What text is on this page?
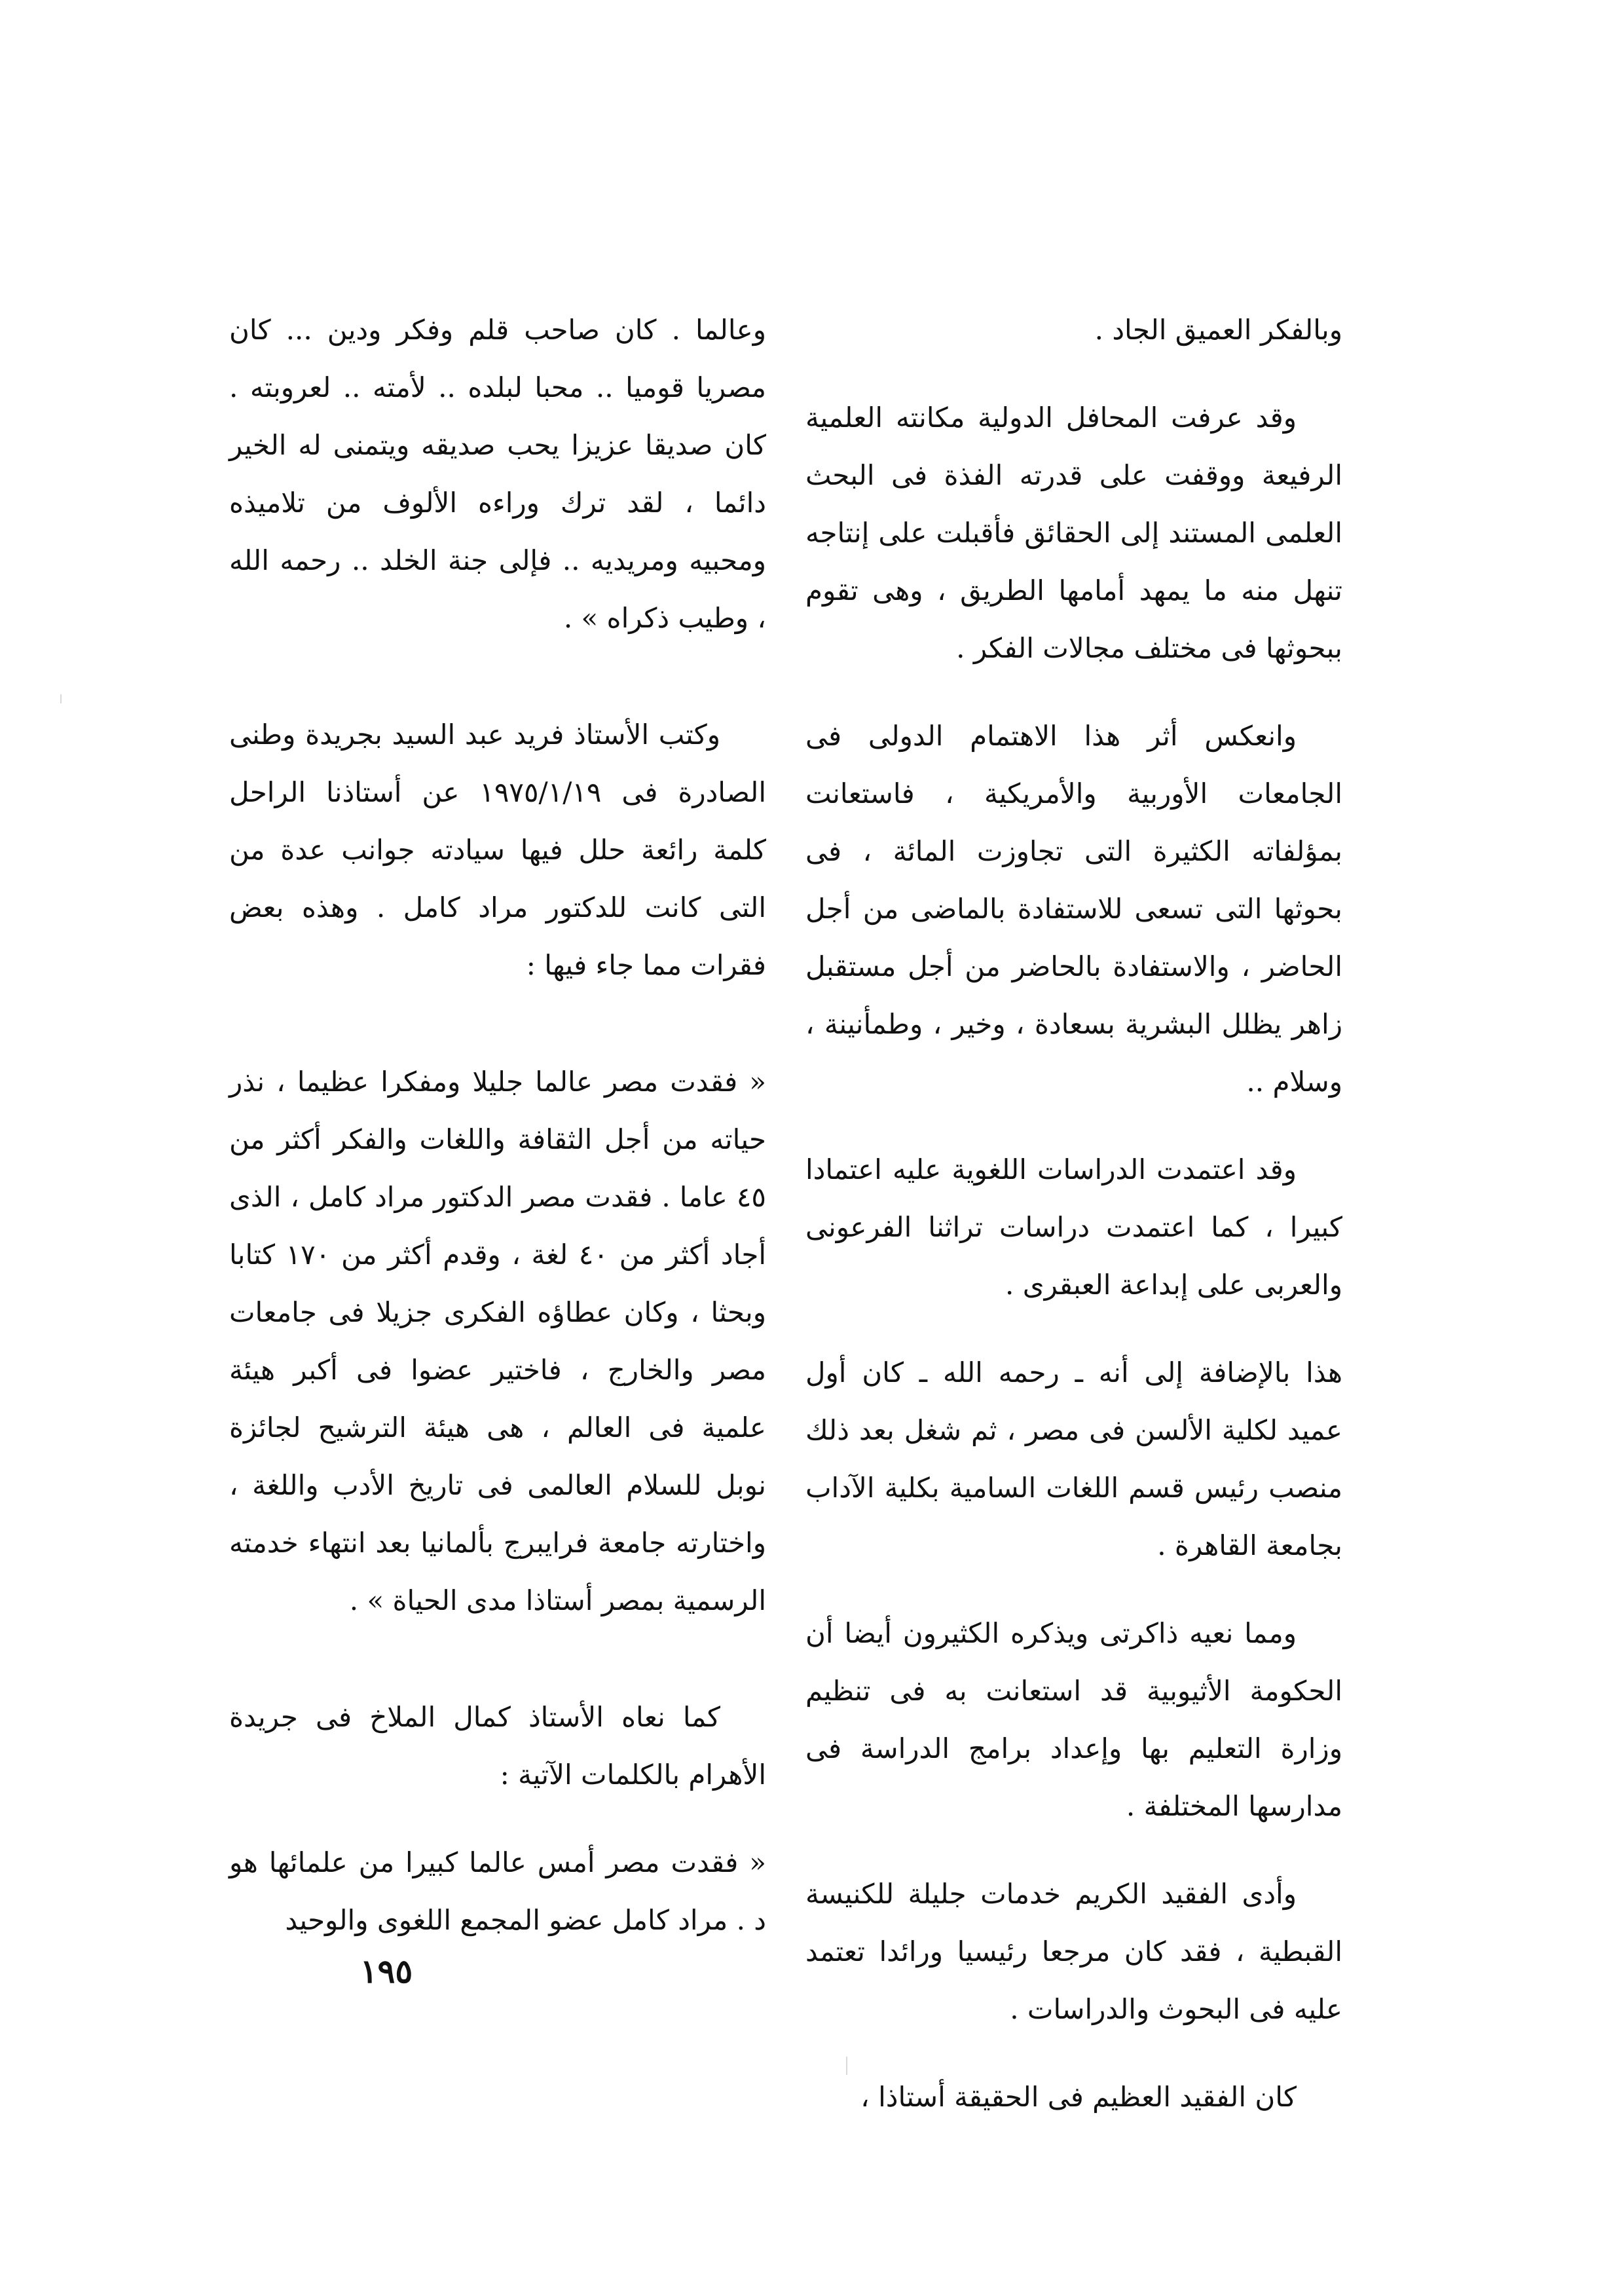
وبالفكر العميق الجاد .

وقد عرفت المحافل الدولية مكانته العلمية الرفيعة ووقفت على قدرته الفذة فى البحث العلمى المستند إلى الحقائق فأقبلت على إنتاجه تنهل منه ما يمهد أمامها الطريق ، وهى تقوم ببحوثها فى مختلف مجالات الفكر .

وانعكس أثر هذا الاهتمام الدولى فى الجامعات الأوربية والأمريكية ، فاستعانت بمؤلفاته الكثيرة التى تجاوزت المائة ، فى بحوثها التى تسعى للاستفادة بالماضى من أجل الحاضر ، والاستفادة بالحاضر من أجل مستقبل زاهر يظلل البشرية بسعادة ، وخير ، وطمأنينة ، وسلام ..

وقد اعتمدت الدراسات اللغوية عليه اعتمادا كبيرا ، كما اعتمدت دراسات تراثنا الفرعونى والعربى على إبداعة العبقرى .

هذا بالإضافة إلى أنه ـ رحمه الله ـ كان أول عميد لكلية الألسن فى مصر ، ثم شغل بعد ذلك منصب رئيس قسم اللغات السامية بكلية الآداب بجامعة القاهرة .

ومما نعيه ذاكرتى ويذكره الكثيرون أيضا أن الحكومة الأثيوبية قد استعانت به فى تنظيم وزارة التعليم بها وإعداد برامج الدراسة فى مدارسها المختلفة .

وأدى الفقيد الكريم خدمات جليلة للكنيسة القبطية ، فقد كان مرجعا رئيسيا ورائدا تعتمد عليه فى البحوث والدراسات .

كان الفقيد العظيم فى الحقيقة أستاذا ،

وعالما . كان صاحب قلم وفكر ودين ... كان مصريا قوميا .. محبا لبلده .. لأمته .. لعروبته . كان صديقا عزيزا يحب صديقه ويتمنى له الخير دائما ، لقد ترك وراءه الألوف من تلاميذه ومحبيه ومريديه .. فإلى جنة الخلد .. رحمه الله ، وطيب ذكراه » .

وكتب الأستاذ فريد عبد السيد بجريدة وطنى الصادرة فى ١٩٧٥/١/١٩ عن أستاذنا الراحل كلمة رائعة حلل فيها سيادته جوانب عدة من التى كانت للدكتور مراد كامل . وهذه بعض فقرات مما جاء فيها :

« فقدت مصر عالما جليلا ومفكرا عظيما ، نذر حياته من أجل الثقافة واللغات والفكر أكثر من ٤٥ عاما . فقدت مصر الدكتور مراد كامل ، الذى أجاد أكثر من ٤٠ لغة ، وقدم أكثر من ١٧٠ كتابا وبحثا ، وكان عطاؤه الفكرى جزيلا فى جامعات مصر والخارج ، فاختير عضوا فى أكبر هيئة علمية فى العالم ، هى هيئة الترشيح لجائزة نوبل للسلام العالمى فى تاريخ الأدب واللغة ، واختارته جامعة فرايبرج بألمانيا بعد انتهاء خدمته الرسمية بمصر أستاذا مدى الحياة » .

كما نعاه الأستاذ كمال الملاخ فى جريدة الأهرام بالكلمات الآتية :

« فقدت مصر أمس عالما كبيرا من علمائها هو د . مراد كامل عضو المجمع اللغوى والوحيد

١٩٥
